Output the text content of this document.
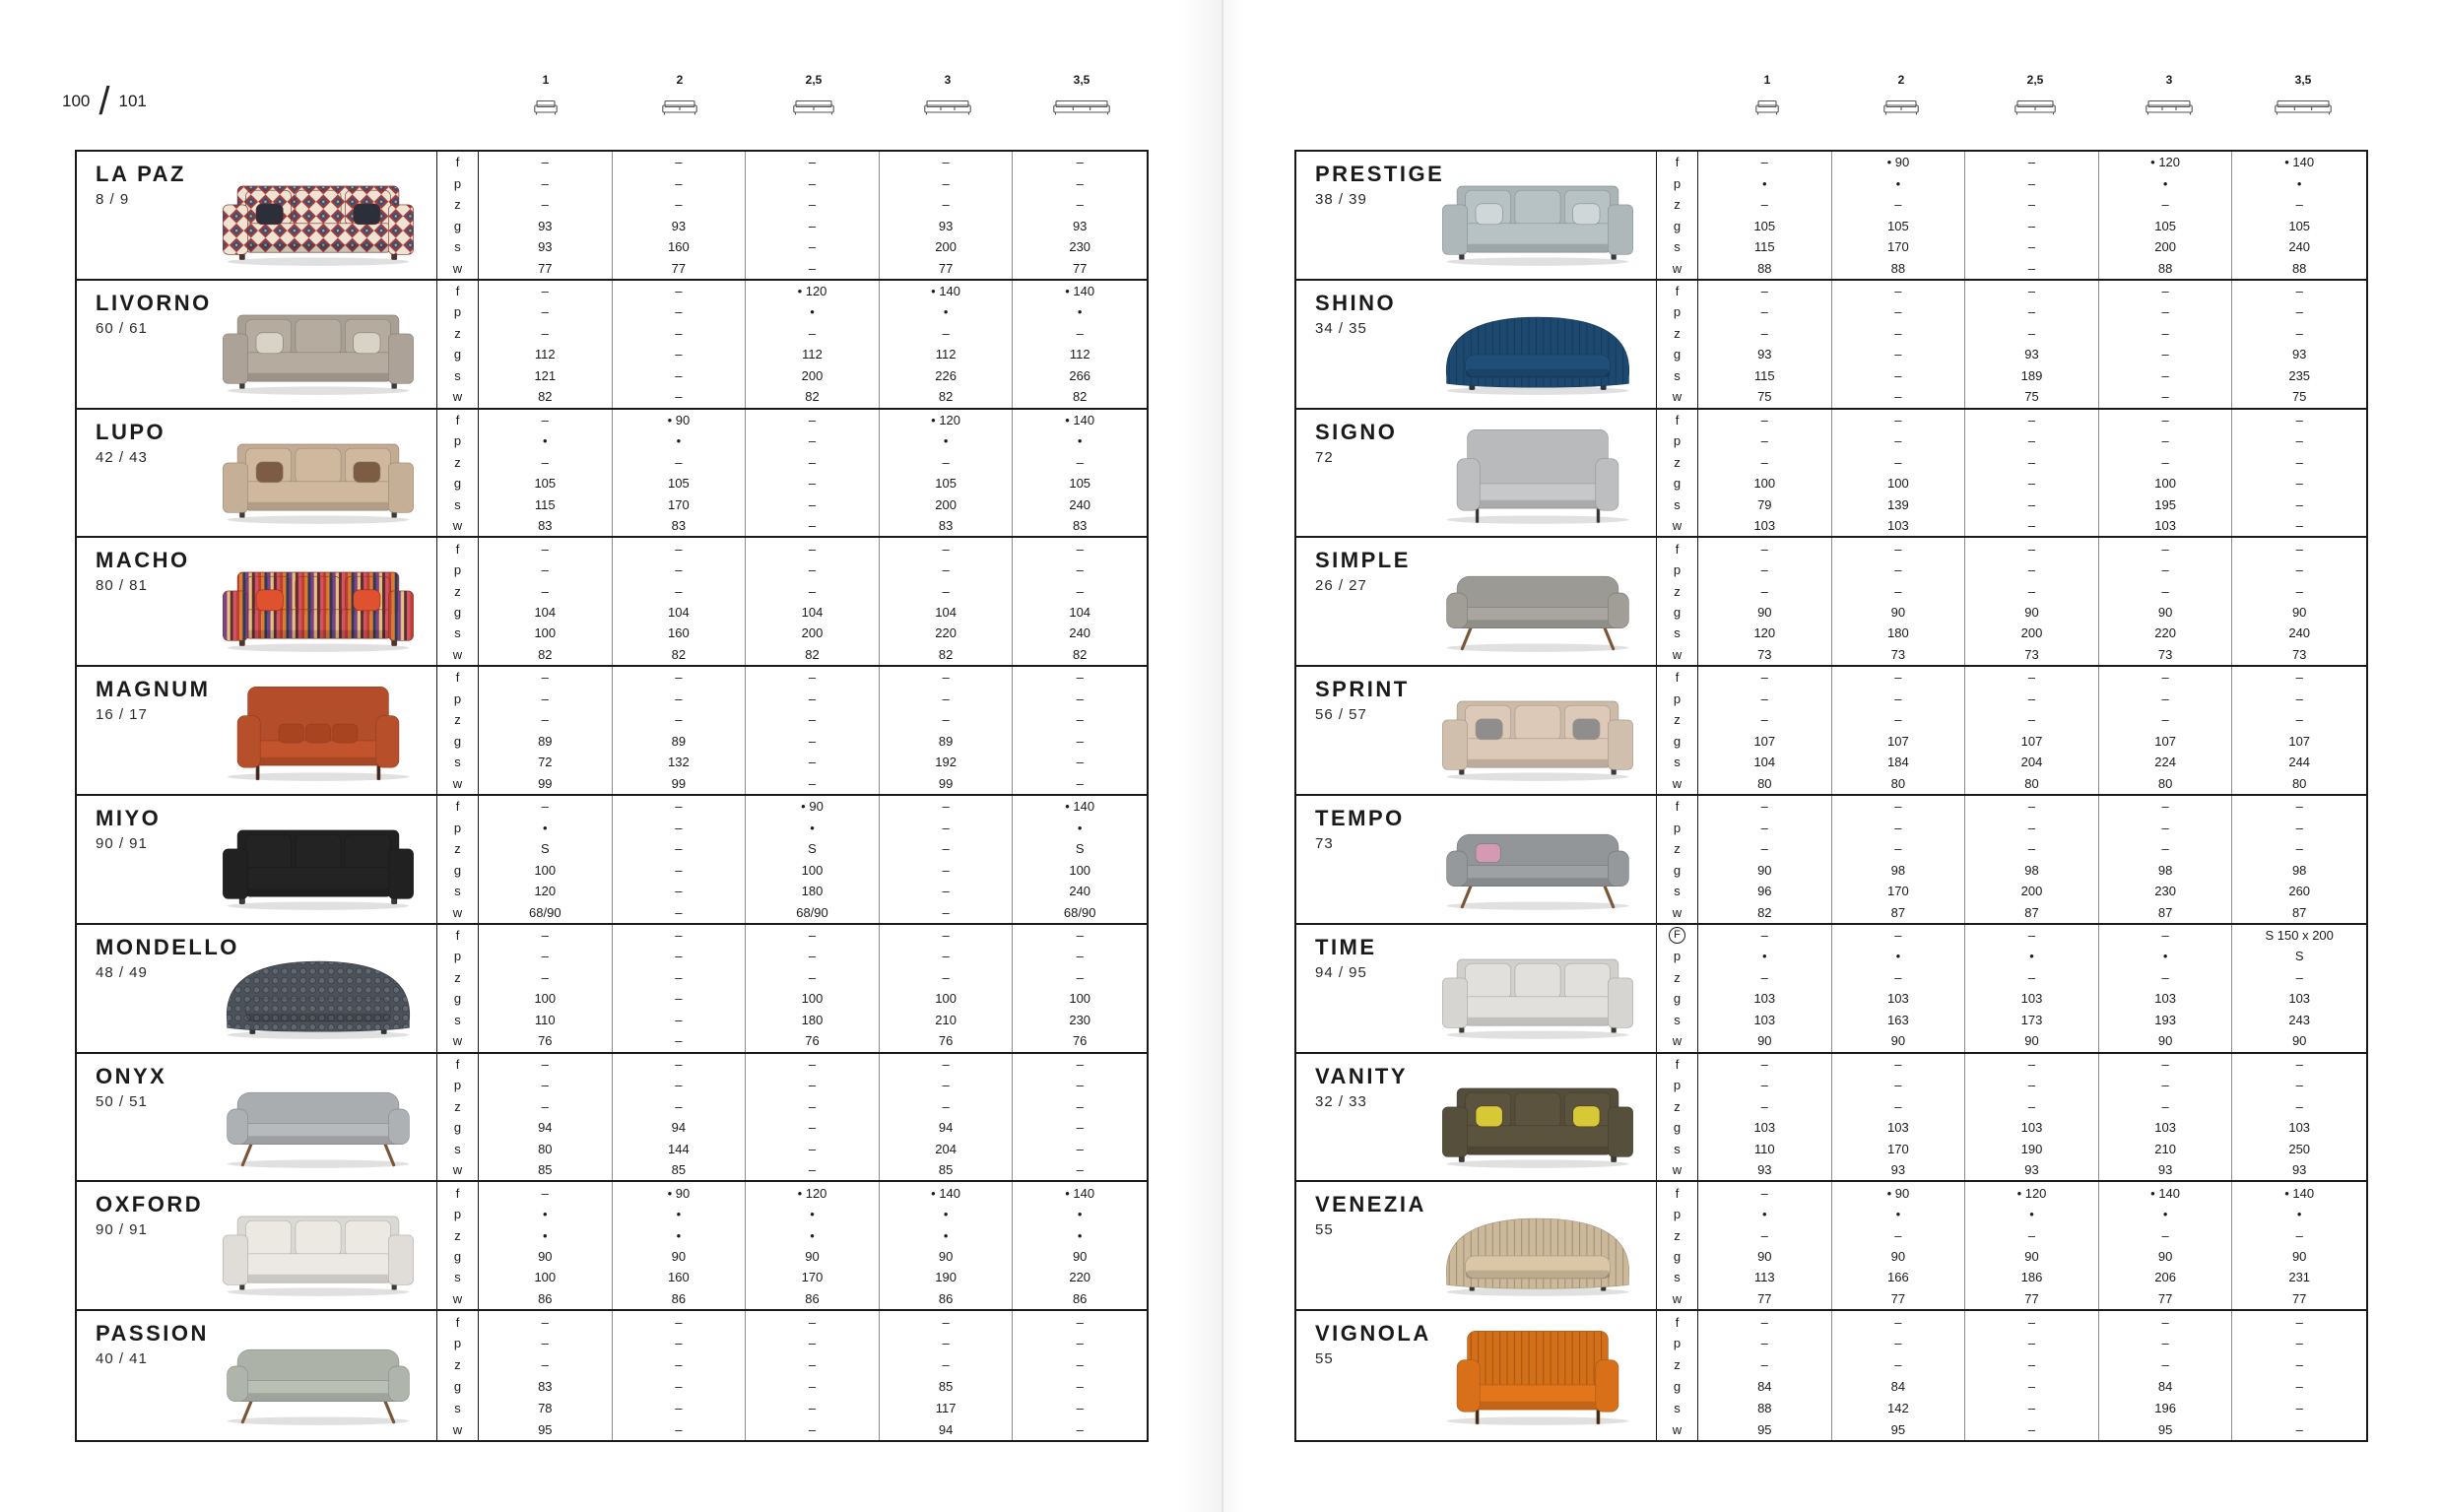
100 / 101
1	2	2,5	3	3,5
LA PAZ
8 / 9
f	–	–	–	–	–
p	–	–	–	–	–
z	–	–	–	–	–
g	93	93	–	93	93
s	93	160	–	200	230
w	77	77	–	77	77
LIVORNO
60 / 61
f	–	–	• 120	• 140	• 140
p	–	–	•	•	•
z	–	–	–	–	–
g	112	–	112	112	112
s	121	–	200	226	266
w	82	–	82	82	82
LUPO
42 / 43
f	–	• 90	–	• 120	• 140
p	•	•	–	•	•
z	–	–	–	–	–
g	105	105	–	105	105
s	115	170	–	200	240
w	83	83	–	83	83
MACHO
80 / 81
f	–	–	–	–	–
p	–	–	–	–	–
z	–	–	–	–	–
g	104	104	104	104	104
s	100	160	200	220	240
w	82	82	82	82	82
MAGNUM
16 / 17
f	–	–	–	–	–
p	–	–	–	–	–
z	–	–	–	–	–
g	89	89	–	89	–
s	72	132	–	192	–
w	99	99	–	99	–
MIYO
90 / 91
f	–	–	• 90	–	• 140
p	•	–	•	–	•
z	S	–	S	–	S
g	100	–	100	–	100
s	120	–	180	–	240
w	68/90	–	68/90	–	68/90
MONDELLO
48 / 49
f	–	–	–	–	–
p	–	–	–	–	–
z	–	–	–	–	–
g	100	–	100	100	100
s	110	–	180	210	230
w	76	–	76	76	76
ONYX
50 / 51
f	–	–	–	–	–
p	–	–	–	–	–
z	–	–	–	–	–
g	94	94	–	94	–
s	80	144	–	204	–
w	85	85	–	85	–
OXFORD
90 / 91
f	–	• 90	• 120	• 140	• 140
p	•	•	•	•	•
z	•	•	•	•	•
g	90	90	90	90	90
s	100	160	170	190	220
w	86	86	86	86	86
PASSION
40 / 41
f	–	–	–	–	–
p	–	–	–	–	–
z	–	–	–	–	–
g	83	–	–	85	–
s	78	–	–	117	–
w	95	–	–	94	–
1	2	2,5	3	3,5
PRESTIGE
38 / 39
f	–	• 90	–	• 120	• 140
p	•	•	–	•	•
z	–	–	–	–	–
g	105	105	–	105	105
s	115	170	–	200	240
w	88	88	–	88	88
SHINO
34 / 35
f	–	–	–	–	–
p	–	–	–	–	–
z	–	–	–	–	–
g	93	–	93	–	93
s	115	–	189	–	235
w	75	–	75	–	75
SIGNO
72
f	–	–	–	–	–
p	–	–	–	–	–
z	–	–	–	–	–
g	100	100	–	100	–
s	79	139	–	195	–
w	103	103	–	103	–
SIMPLE
26 / 27
f	–	–	–	–	–
p	–	–	–	–	–
z	–	–	–	–	–
g	90	90	90	90	90
s	120	180	200	220	240
w	73	73	73	73	73
SPRINT
56 / 57
f	–	–	–	–	–
p	–	–	–	–	–
z	–	–	–	–	–
g	107	107	107	107	107
s	104	184	204	224	244
w	80	80	80	80	80
TEMPO
73
f	–	–	–	–	–
p	–	–	–	–	–
z	–	–	–	–	–
g	90	98	98	98	98
s	96	170	200	230	260
w	82	87	87	87	87
TIME
94 / 95
F	–	–	–	–	S 150 x 200
p	•	•	•	•	S
z	–	–	–	–	–
g	103	103	103	103	103
s	103	163	173	193	243
w	90	90	90	90	90
VANITY
32 / 33
f	–	–	–	–	–
p	–	–	–	–	–
z	–	–	–	–	–
g	103	103	103	103	103
s	110	170	190	210	250
w	93	93	93	93	93
VENEZIA
55
f	–	• 90	• 120	• 140	• 140
p	•	•	•	•	•
z	–	–	–	–	–
g	90	90	90	90	90
s	113	166	186	206	231
w	77	77	77	77	77
VIGNOLA
55
f	–	–	–	–	–
p	–	–	–	–	–
z	–	–	–	–	–
g	84	84	–	84	–
s	88	142	–	196	–
w	95	95	–	95	–
